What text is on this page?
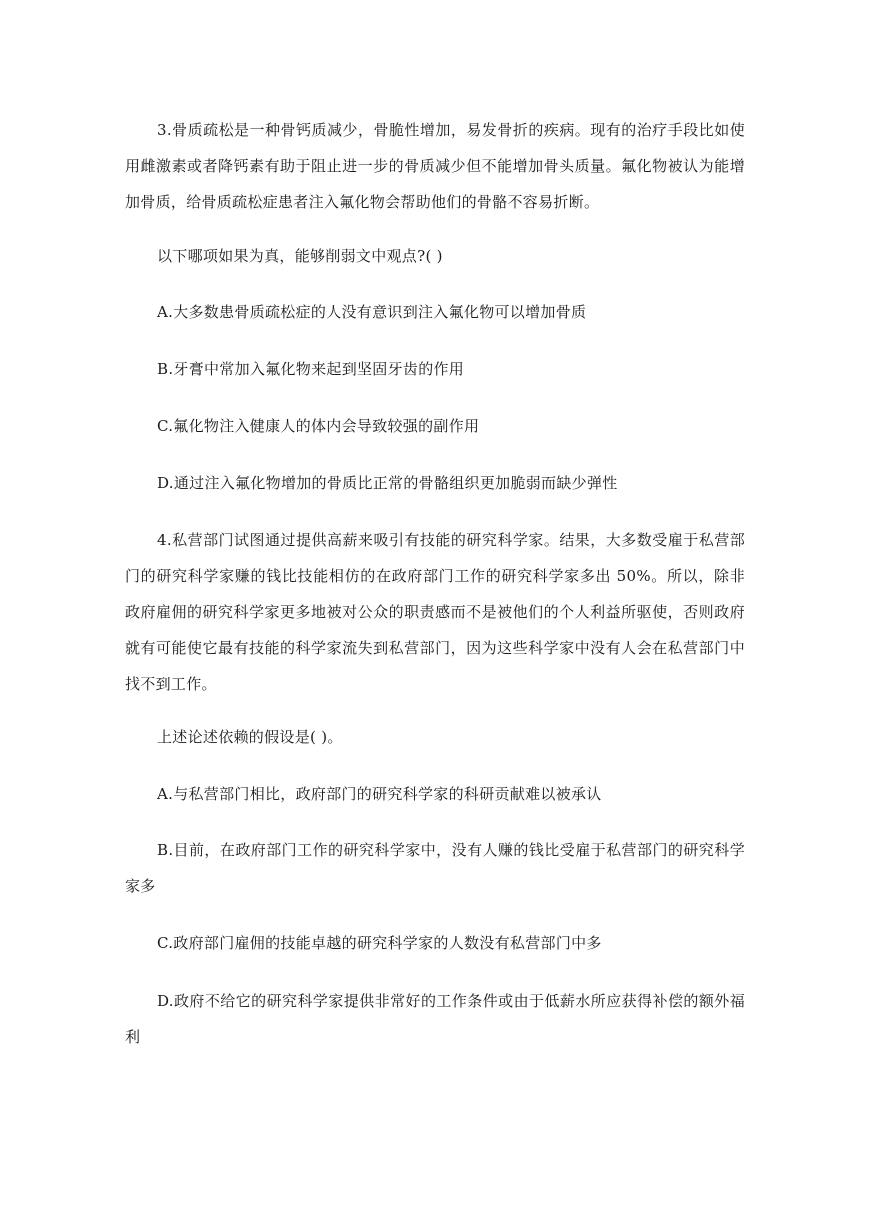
3.骨质疏松是一种骨钙质减少，骨脆性增加，易发骨折的疾病。现有的治疗手段比如使用雌激素或者降钙素有助于阻止进一步的骨质减少但不能增加骨头质量。氟化物被认为能增加骨质，给骨质疏松症患者注入氟化物会帮助他们的骨骼不容易折断。

以下哪项如果为真，能够削弱文中观点?( )

A.大多数患骨质疏松症的人没有意识到注入氟化物可以增加骨质

B.牙膏中常加入氟化物来起到坚固牙齿的作用

C.氟化物注入健康人的体内会导致较强的副作用

D.通过注入氟化物增加的骨质比正常的骨骼组织更加脆弱而缺少弹性

4.私营部门试图通过提供高薪来吸引有技能的研究科学家。结果，大多数受雇于私营部门的研究科学家赚的钱比技能相仿的在政府部门工作的研究科学家多出 50%。所以，除非政府雇佣的研究科学家更多地被对公众的职责感而不是被他们的个人利益所驱使，否则政府就有可能使它最有技能的科学家流失到私营部门，因为这些科学家中没有人会在私营部门中找不到工作。

上述论述依赖的假设是( )。

A.与私营部门相比，政府部门的研究科学家的科研贡献难以被承认

B.目前，在政府部门工作的研究科学家中，没有人赚的钱比受雇于私营部门的研究科学家多

C.政府部门雇佣的技能卓越的研究科学家的人数没有私营部门中多

D.政府不给它的研究科学家提供非常好的工作条件或由于低薪水所应获得补偿的额外福利
